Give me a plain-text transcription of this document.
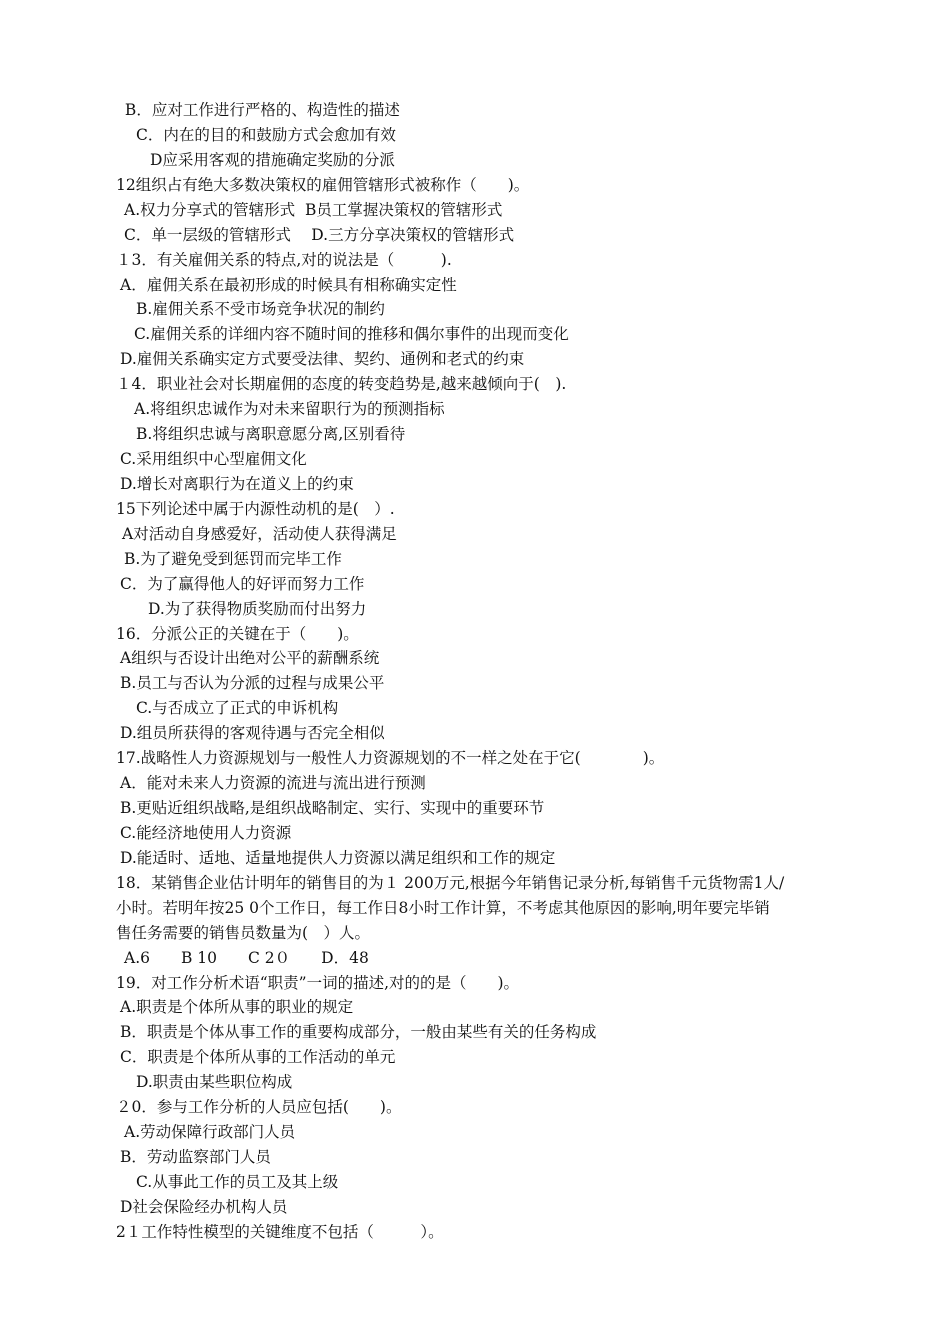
B．应对工作进行严格的、构造性的描述
C．内在的目的和鼓励方式会愈加有效
D应采用客观的措施确定奖励的分派
12组织占有绝大多数决策权的雇佣管辖形式被称作（　　)。
A.权力分享式的管辖形式  B员工掌握决策权的管辖形式
C．单一层级的管辖形式　 D.三方分享决策权的管辖形式
１3．有关雇佣关系的特点,对的说法是（　　　).
A．雇佣关系在最初形成的时候具有相称确实定性
B.雇佣关系不受市场竞争状况的制约
C.雇佣关系的详细内容不随时间的推移和偶尔事件的出现而变化
D.雇佣关系确实定方式要受法律、契约、通例和老式的约束
１4．职业社会对长期雇佣的态度的转变趋势是,越来越倾向于(　).
A.将组织忠诚作为对未来留职行为的预测指标
B.将组织忠诚与离职意愿分离,区别看待
C.采用组织中心型雇佣文化
D.增长对离职行为在道义上的约束
15下列论述中属于内源性动机的是(　）.
A对活动自身感爱好，活动使人获得满足
B.为了避免受到惩罚而完毕工作
C．为了赢得他人的好评而努力工作
D.为了获得物质奖励而付出努力
16．分派公正的关键在于（　　)。
A组织与否设计出绝对公平的薪酬系统
B.员工与否认为分派的过程与成果公平
C.与否成立了正式的申诉机构
D.组员所获得的客观待遇与否完全相似
17.战略性人力资源规划与一般性人力资源规划的不一样之处在于它(　　　　)。
A．能对未来人力资源的流进与流出进行预测
B.更贴近组织战略,是组织战略制定、实行、实现中的重要环节
C.能经济地使用人力资源
D.能适时、适地、适量地提供人力资源以满足组织和工作的规定
18．某销售企业估计明年的销售目的为１ 200万元,根据今年销售记录分析,每销售千元货物需1人/
小时。若明年按25 0个工作日，每工作日8小时工作计算，不考虑其他原因的影响,明年要完毕销
售任务需要的销售员数量为(　）人。
A.6　　B 10　　C 2０　　D．48
19．对工作分析术语“职责”一词的描述,对的的是（　　)。
A.职责是个体所从事的职业的规定
B．职责是个体从事工作的重要构成部分，一般由某些有关的任务构成
C．职责是个体所从事的工作活动的单元
D.职责由某些职位构成
２0．参与工作分析的人员应包括(　　)。
A.劳动保障行政部门人员
B．劳动监察部门人员
C.从事此工作的员工及其上级
D社会保险经办机构人员
2１工作特性模型的关键维度不包括（　　　）。
